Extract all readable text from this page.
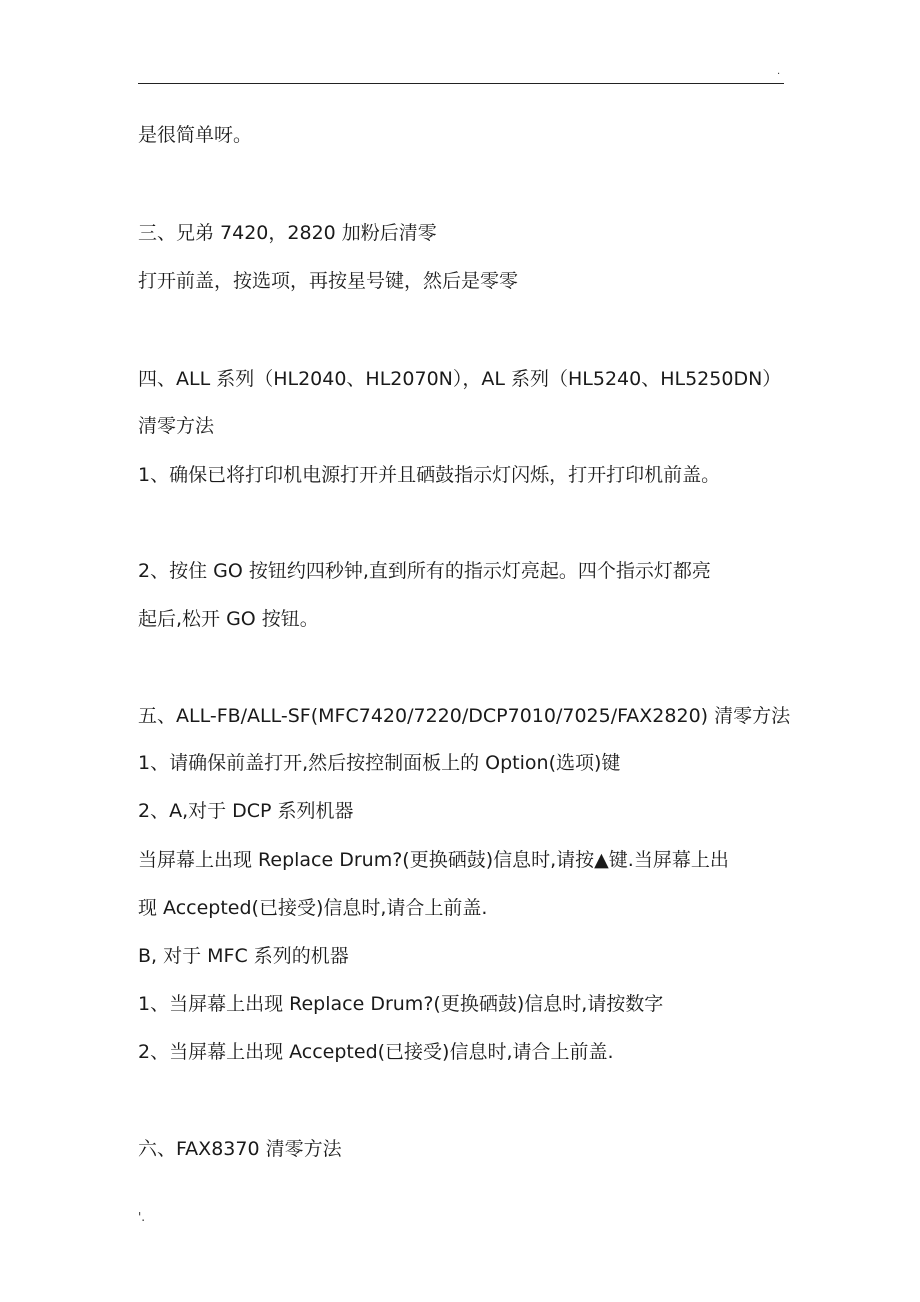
.
是很简单呀。
三、兄弟 7420，2820 加粉后清零
打开前盖，按选项，再按星号键，然后是零零
四、ALL 系列（HL2040、HL2070N），AL 系列（HL5240、HL5250DN）
清零方法
1、确保已将打印机电源打开并且硒鼓指示灯闪烁，打开打印机前盖。
2、按住 GO 按钮约四秒钟,直到所有的指示灯亮起。四个指示灯都亮
起后,松开 GO 按钮。
五、ALL-FB/ALL-SF(MFC7420/7220/DCP7010/7025/FAX2820) 清零方法
1、请确保前盖打开,然后按控制面板上的 Option(选项)键
2、A,对于 DCP 系列机器
当屏幕上出现 Replace Drum?(更换硒鼓)信息时,请按▲键.当屏幕上出
现 Accepted(已接受)信息时,请合上前盖.
B, 对于 MFC 系列的机器
1、当屏幕上出现 Replace Drum?(更换硒鼓)信息时,请按数字
2、当屏幕上出现 Accepted(已接受)信息时,请合上前盖.
六、FAX8370 清零方法
'.
